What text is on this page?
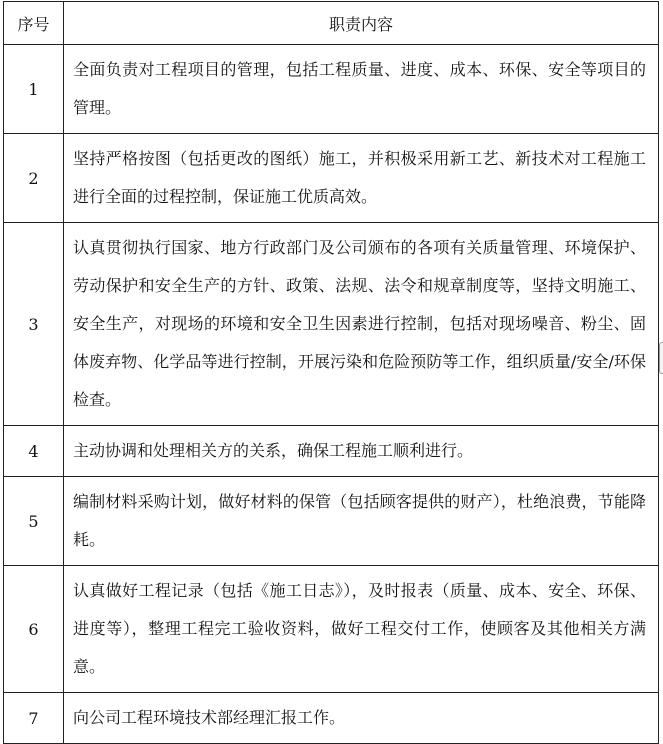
序号	职责内容
1	全面负责对工程项目的管理，包括工程质量、进度、成本、环保、安全等项目的管理。
2	坚持严格按图（包括更改的图纸）施工，并积极采用新工艺、新技术对工程施工进行全面的过程控制，保证施工优质高效。
3	认真贯彻执行国家、地方行政部门及公司颁布的各项有关质量管理、环境保护、劳动保护和安全生产的方针、政策、法规、法令和规章制度等，坚持文明施工、安全生产，对现场的环境和安全卫生因素进行控制，包括对现场噪音、粉尘、固体废弃物、化学品等进行控制，开展污染和危险预防等工作，组织质量/安全/环保检查。
4	主动协调和处理相关方的关系，确保工程施工顺利进行。
5	编制材料采购计划，做好材料的保管（包括顾客提供的财产），杜绝浪费，节能降耗。
6	认真做好工程记录（包括《施工日志》），及时报表（质量、成本、安全、环保、进度等），整理工程完工验收资料，做好工程交付工作，使顾客及其他相关方满意。
7	向公司工程环境技术部经理汇报工作。
